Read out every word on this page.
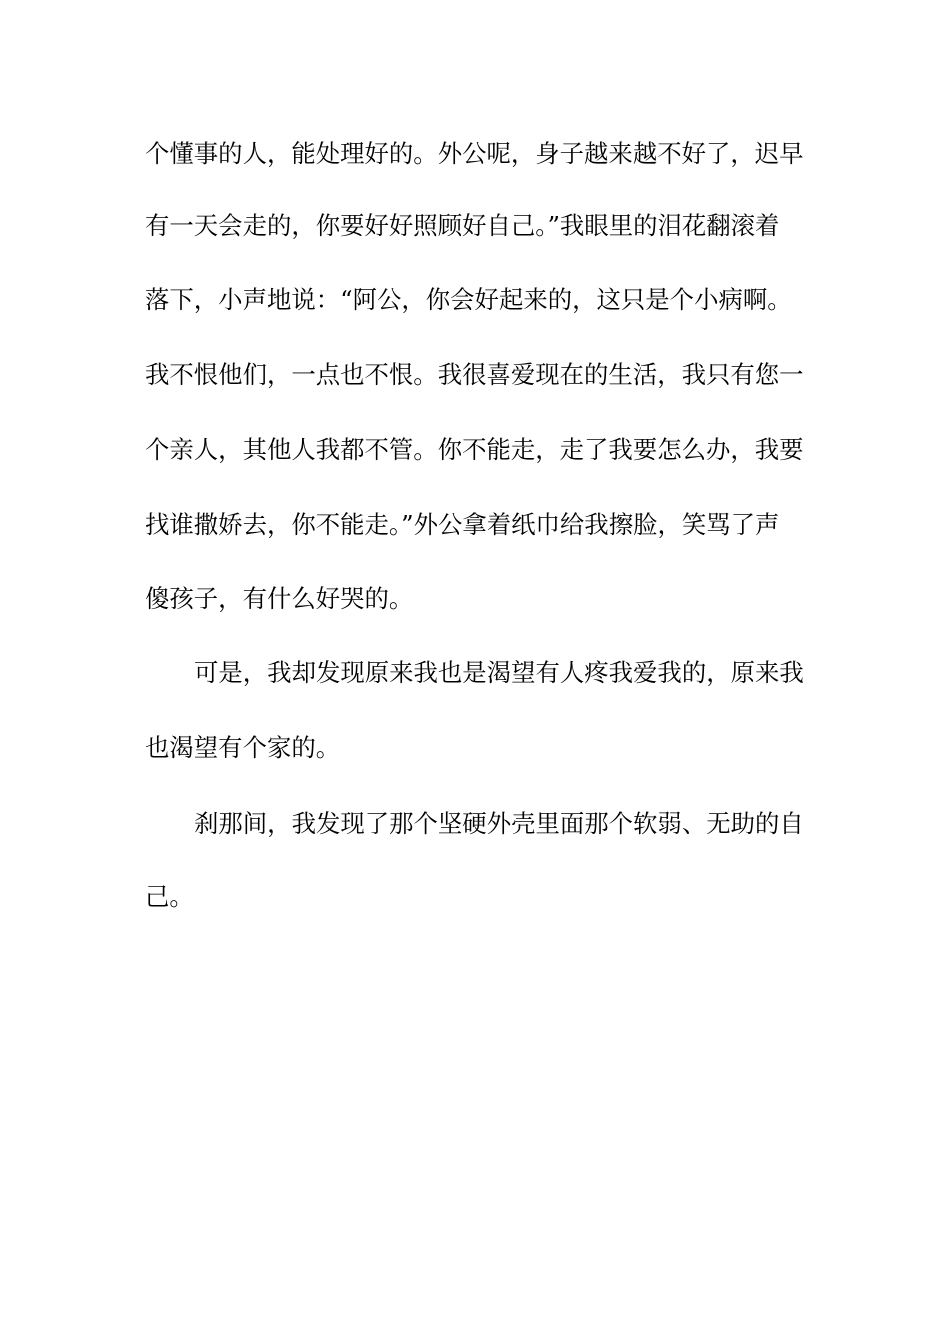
个懂事的人，能处理好的。外公呢，身子越来越不好了，迟早
有一天会走的，你要好好照顾好自己。”我眼里的泪花翻滚着
落下，小声地说：“阿公，你会好起来的，这只是个小病啊。
我不恨他们，一点也不恨。我很喜爱现在的生活，我只有您一
个亲人，其他人我都不管。你不能走，走了我要怎么办，我要
找谁撒娇去，你不能走。”外公拿着纸巾给我擦脸，笑骂了声
傻孩子，有什么好哭的。
可是，我却发现原来我也是渴望有人疼我爱我的，原来我
也渴望有个家的。
刹那间，我发现了那个坚硬外壳里面那个软弱、无助的自
己。
